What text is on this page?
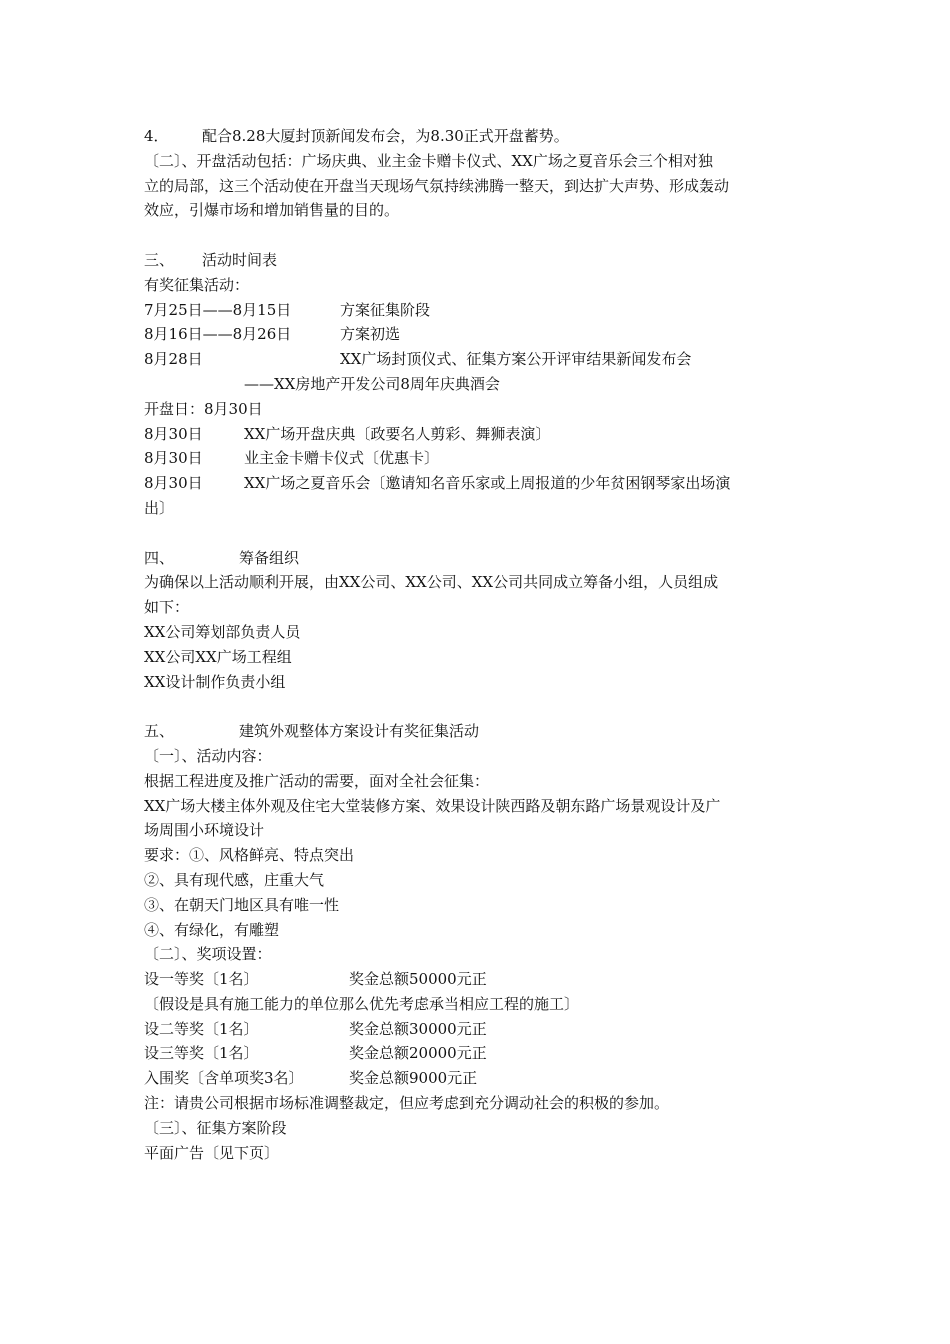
4． 配合8.28大厦封顶新闻发布会，为8.30正式开盘蓄势。
〔二〕、开盘活动包括：广场庆典、业主金卡赠卡仪式、XX广场之夏音乐会三个相对独
立的局部，这三个活动使在开盘当天现场气氛持续沸腾一整天，到达扩大声势、形成轰动
效应，引爆市场和增加销售量的目的。
三、 活动时间表
有奖征集活动：
7月25日——8月15日	方案征集阶段
8月16日——8月26日	方案初选
8月28日	XX广场封顶仪式、征集方案公开评审结果新闻发布会
——XX房地产开发公司8周年庆典酒会
开盘日：8月30日
8月30日	XX广场开盘庆典〔政要名人剪彩、舞狮表演〕
8月30日	业主金卡赠卡仪式〔优惠卡〕
8月30日	XX广场之夏音乐会〔邀请知名音乐家或上周报道的少年贫困钢琴家出场演
出〕
四、	筹备组织
为确保以上活动顺利开展，由XX公司、XX公司、XX公司共同成立筹备小组，人员组成
如下：
XX公司筹划部负责人员
XX公司XX广场工程组
XX设计制作负责小组
五、	建筑外观整体方案设计有奖征集活动
〔一〕、活动内容：
根据工程进度及推广活动的需要，面对全社会征集：
XX广场大楼主体外观及住宅大堂装修方案、效果设计陕西路及朝东路广场景观设计及广
场周围小环境设计
要求：①、风格鲜亮、特点突出
②、具有现代感，庄重大气
③、在朝天门地区具有唯一性
④、有绿化，有雕塑
〔二〕、奖项设置：
设一等奖〔1名〕	奖金总额50000元正
〔假设是具有施工能力的单位那么优先考虑承当相应工程的施工〕
设二等奖〔1名〕	奖金总额30000元正
设三等奖〔1名〕	奖金总额20000元正
入围奖〔含单项奖3名〕	奖金总额9000元正
注：请贵公司根据市场标准调整裁定，但应考虑到充分调动社会的积极的参加。
〔三〕、征集方案阶段
平面广告〔见下页〕
